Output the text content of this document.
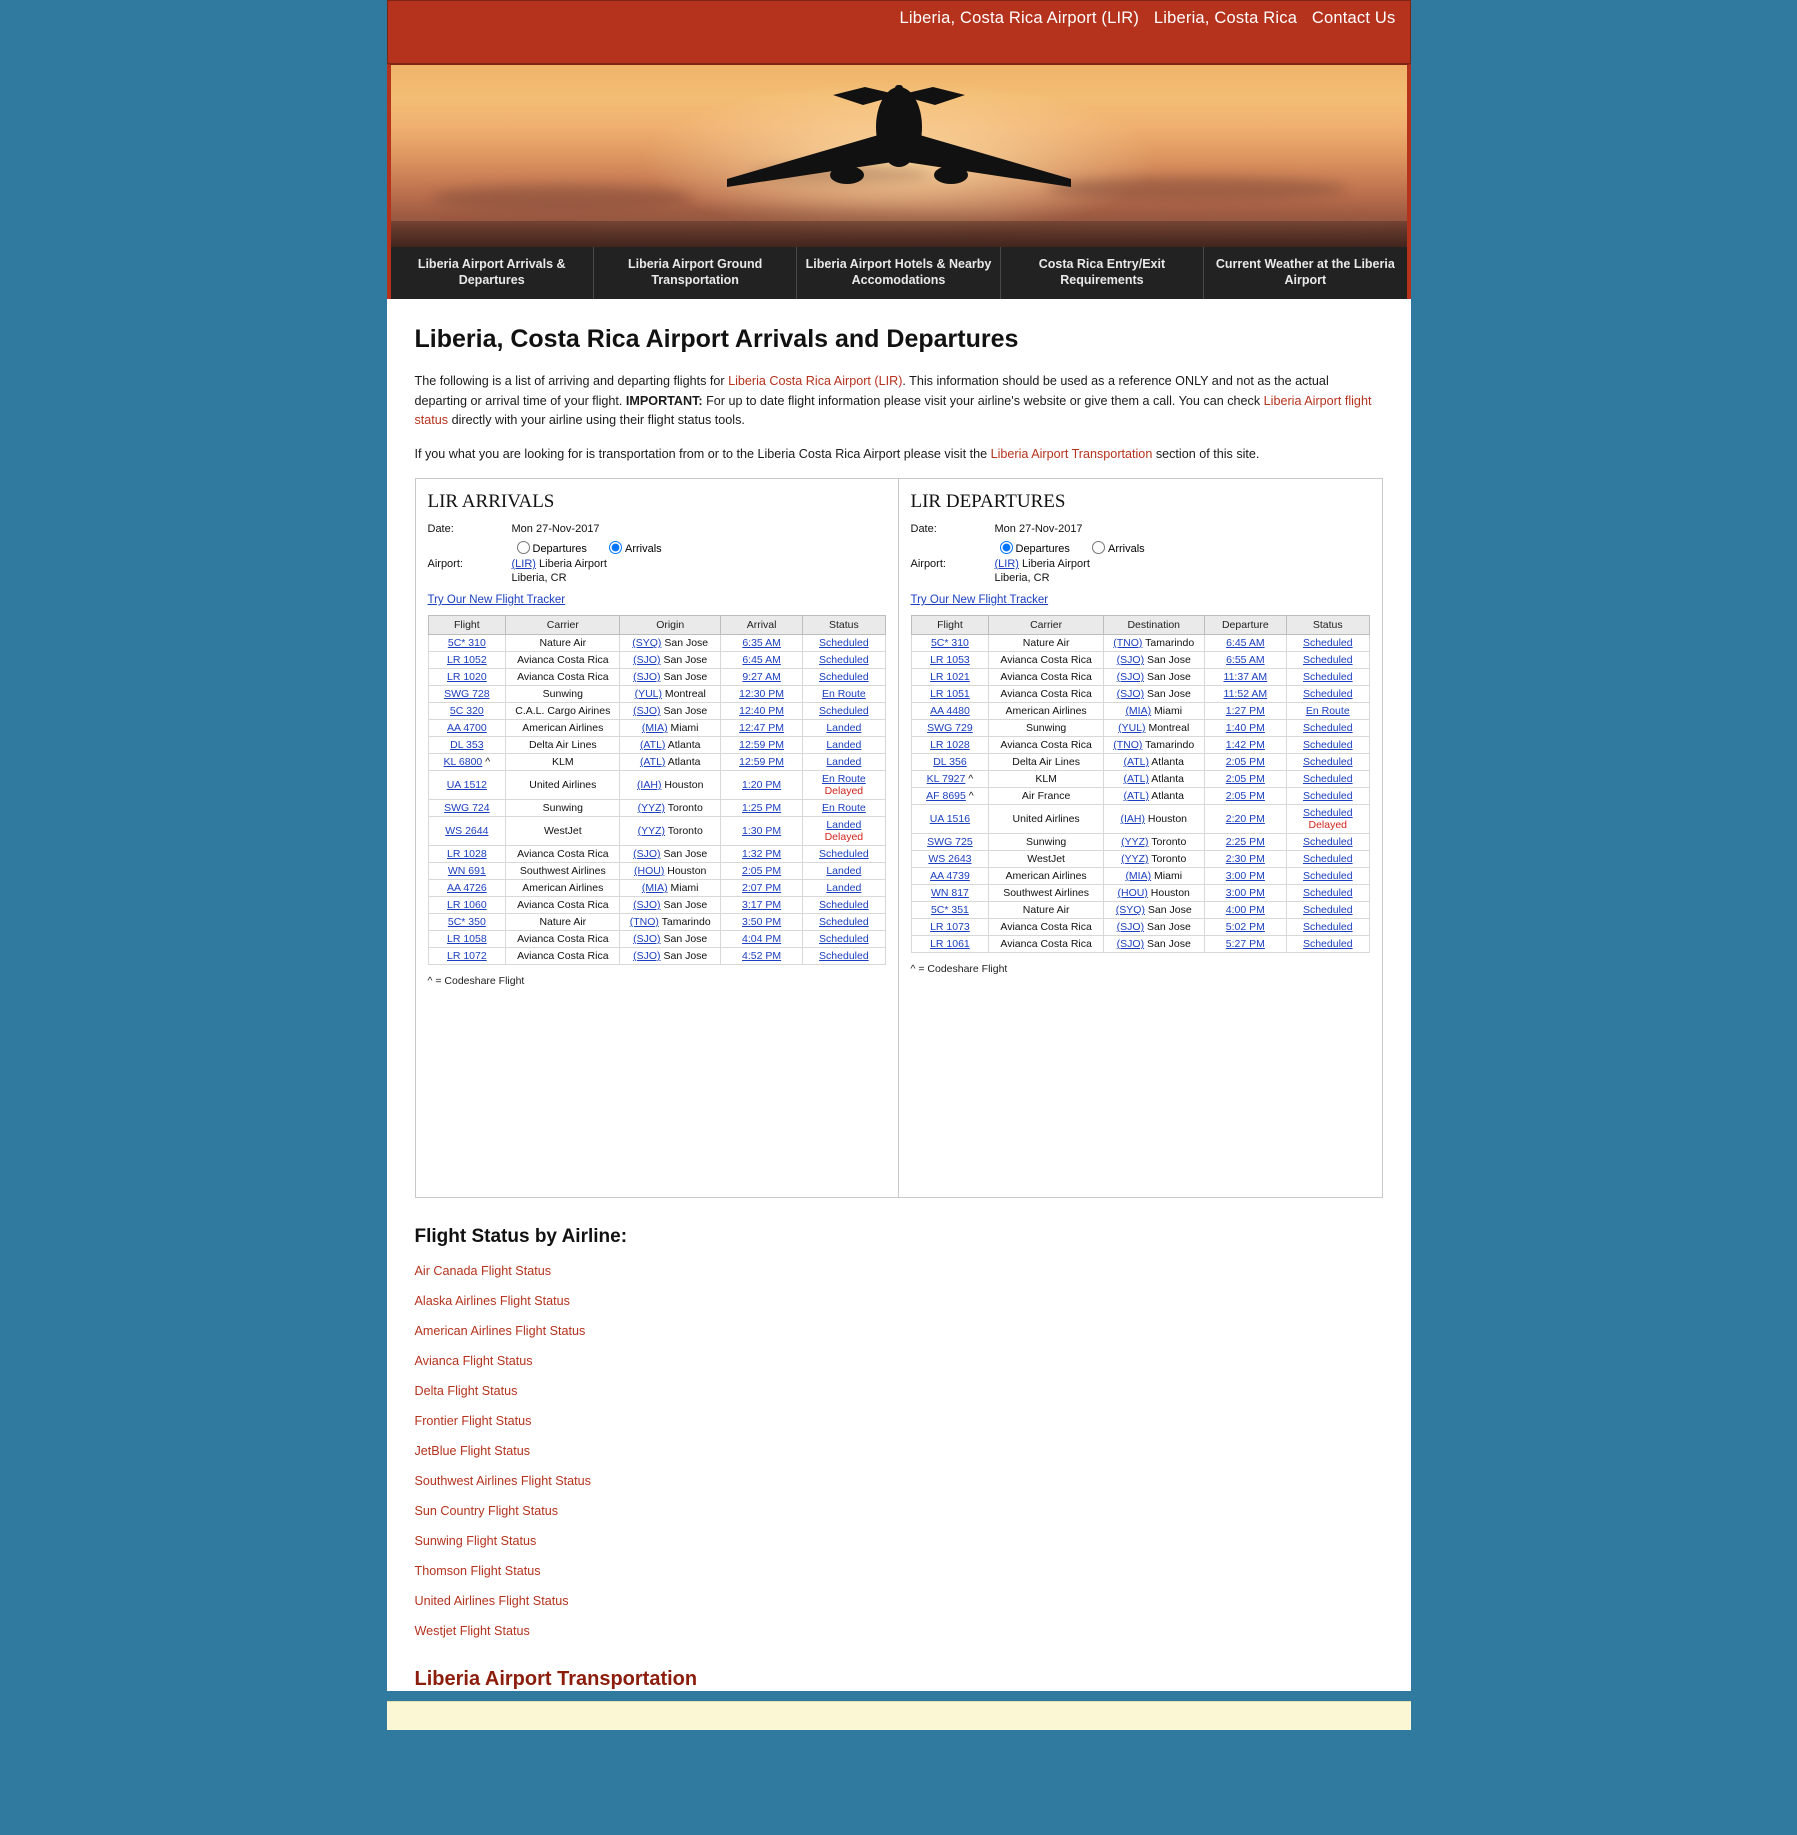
Liberia, Costa Rica Airport (LIR) Liberia, Costa Rica Contact Us
Liberia Airport Arrivals & Departures
Liberia Airport Ground Transportation
Liberia Airport Hotels & Nearby Accomodations
Costa Rica Entry/Exit Requirements
Current Weather at the Liberia Airport
Liberia, Costa Rica Airport Arrivals and Departures

The following is a list of arriving and departing flights for Liberia Costa Rica Airport (LIR). This information should be used as a reference ONLY and not as the actual departing or arrival time of your flight. IMPORTANT: For up to date flight information please visit your airline's website or give them a call. You can check Liberia Airport flight status directly with your airline using their flight status tools.

If you what you are looking for is transportation from or to the Liberia Costa Rica Airport please visit the Liberia Airport Transportation section of this site.

LIR ARRIVALS
Date:	Mon 27-Nov-2017
Departures	Arrivals
Airport:	(LIR) Liberia Airport
Liberia, CR
Try Our New Flight Tracker
Flight	Carrier	Origin	Arrival	Status
5C* 310	Nature Air	(SYQ) San Jose	6:35 AM	Scheduled
LR 1052	Avianca Costa Rica	(SJO) San Jose	6:45 AM	Scheduled
LR 1020	Avianca Costa Rica	(SJO) San Jose	9:27 AM	Scheduled
SWG 728	Sunwing	(YUL) Montreal	12:30 PM	En Route
5C 320	C.A.L. Cargo Airines	(SJO) San Jose	12:40 PM	Scheduled
AA 4700	American Airlines	(MIA) Miami	12:47 PM	Landed
DL 353	Delta Air Lines	(ATL) Atlanta	12:59 PM	Landed
KL 6800 ^	KLM	(ATL) Atlanta	12:59 PM	Landed
UA 1512	United Airlines	(IAH) Houston	1:20 PM	En Route
Delayed
SWG 724	Sunwing	(YYZ) Toronto	1:25 PM	En Route
WS 2644	WestJet	(YYZ) Toronto	1:30 PM	Landed
Delayed
LR 1028	Avianca Costa Rica	(SJO) San Jose	1:32 PM	Scheduled
WN 691	Southwest Airlines	(HOU) Houston	2:05 PM	Landed
AA 4726	American Airlines	(MIA) Miami	2:07 PM	Landed
LR 1060	Avianca Costa Rica	(SJO) San Jose	3:17 PM	Scheduled
5C* 350	Nature Air	(TNO) Tamarindo	3:50 PM	Scheduled
LR 1058	Avianca Costa Rica	(SJO) San Jose	4:04 PM	Scheduled
LR 1072	Avianca Costa Rica	(SJO) San Jose	4:52 PM	Scheduled
^ = Codeshare Flight
LIR DEPARTURES
Date:	Mon 27-Nov-2017
Departures	Arrivals
Airport:	(LIR) Liberia Airport
Liberia, CR
Try Our New Flight Tracker
Flight	Carrier	Destination	Departure	Status
5C* 310	Nature Air	(TNO) Tamarindo	6:45 AM	Scheduled
LR 1053	Avianca Costa Rica	(SJO) San Jose	6:55 AM	Scheduled
LR 1021	Avianca Costa Rica	(SJO) San Jose	11:37 AM	Scheduled
LR 1051	Avianca Costa Rica	(SJO) San Jose	11:52 AM	Scheduled
AA 4480	American Airlines	(MIA) Miami	1:27 PM	En Route
SWG 729	Sunwing	(YUL) Montreal	1:40 PM	Scheduled
LR 1028	Avianca Costa Rica	(TNO) Tamarindo	1:42 PM	Scheduled
DL 356	Delta Air Lines	(ATL) Atlanta	2:05 PM	Scheduled
KL 7927 ^	KLM	(ATL) Atlanta	2:05 PM	Scheduled
AF 8695 ^	Air France	(ATL) Atlanta	2:05 PM	Scheduled
UA 1516	United Airlines	(IAH) Houston	2:20 PM	Scheduled
Delayed
SWG 725	Sunwing	(YYZ) Toronto	2:25 PM	Scheduled
WS 2643	WestJet	(YYZ) Toronto	2:30 PM	Scheduled
AA 4739	American Airlines	(MIA) Miami	3:00 PM	Scheduled
WN 817	Southwest Airlines	(HOU) Houston	3:00 PM	Scheduled
5C* 351	Nature Air	(SYQ) San Jose	4:00 PM	Scheduled
LR 1073	Avianca Costa Rica	(SJO) San Jose	5:02 PM	Scheduled
LR 1061	Avianca Costa Rica	(SJO) San Jose	5:27 PM	Scheduled
^ = Codeshare Flight
Flight Status by Airline:
Air Canada Flight Status
Alaska Airlines Flight Status
American Airlines Flight Status
Avianca Flight Status
Delta Flight Status
Frontier Flight Status
JetBlue Flight Status
Southwest Airlines Flight Status
Sun Country Flight Status
Sunwing Flight Status
Thomson Flight Status
United Airlines Flight Status
Westjet Flight Status
Liberia Airport Transportation
